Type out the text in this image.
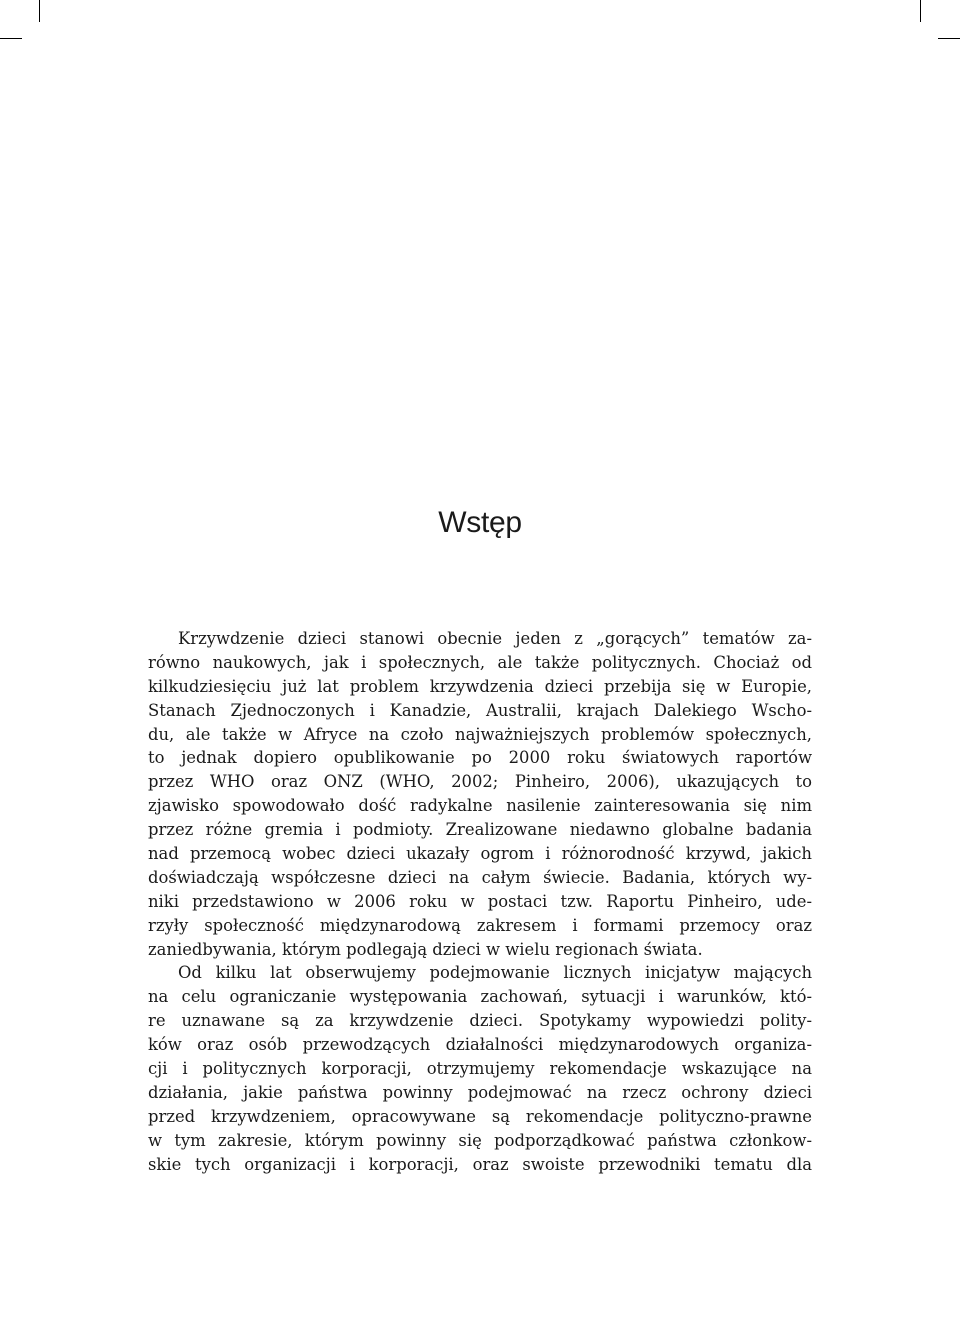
Wstęp
Krzywdzenie dzieci stanowi obecnie jeden z „gorących” tematów za-
równo naukowych, jak i społecznych, ale także politycznych. Chociaż od
kilkudziesięciu już lat problem krzywdzenia dzieci przebija się w Europie,
Stanach Zjednoczonych i Kanadzie, Australii, krajach Dalekiego Wscho-
du, ale także w Afryce na czoło najważniejszych problemów społecznych,
to jednak dopiero opublikowanie po 2000 roku światowych raportów
przez WHO oraz ONZ (WHO, 2002; Pinheiro, 2006), ukazujących to
zjawisko spowodowało dość radykalne nasilenie zainteresowania się nim
przez różne gremia i podmioty. Zrealizowane niedawno globalne badania
nad przemocą wobec dzieci ukazały ogrom i różnorodność krzywd, jakich
doświadczają współczesne dzieci na całym świecie. Badania, których wy-
niki przedstawiono w 2006 roku w postaci tzw. Raportu Pinheiro, ude-
rzyły społeczność międzynarodową zakresem i formami przemocy oraz
zaniedbywania, którym podlegają dzieci w wielu regionach świata.
Od kilku lat obserwujemy podejmowanie licznych inicjatyw mających
na celu ograniczanie występowania zachowań, sytuacji i warunków, któ-
re uznawane są za krzywdzenie dzieci. Spotykamy wypowiedzi polity-
ków oraz osób przewodzących działalności międzynarodowych organiza-
cji i politycznych korporacji, otrzymujemy rekomendacje wskazujące na
działania, jakie państwa powinny podejmować na rzecz ochrony dzieci
przed krzywdzeniem, opracowywane są rekomendacje polityczno-prawne
w tym zakresie, którym powinny się podporządkować państwa członkow-
skie tych organizacji i korporacji, oraz swoiste przewodniki tematu dla
